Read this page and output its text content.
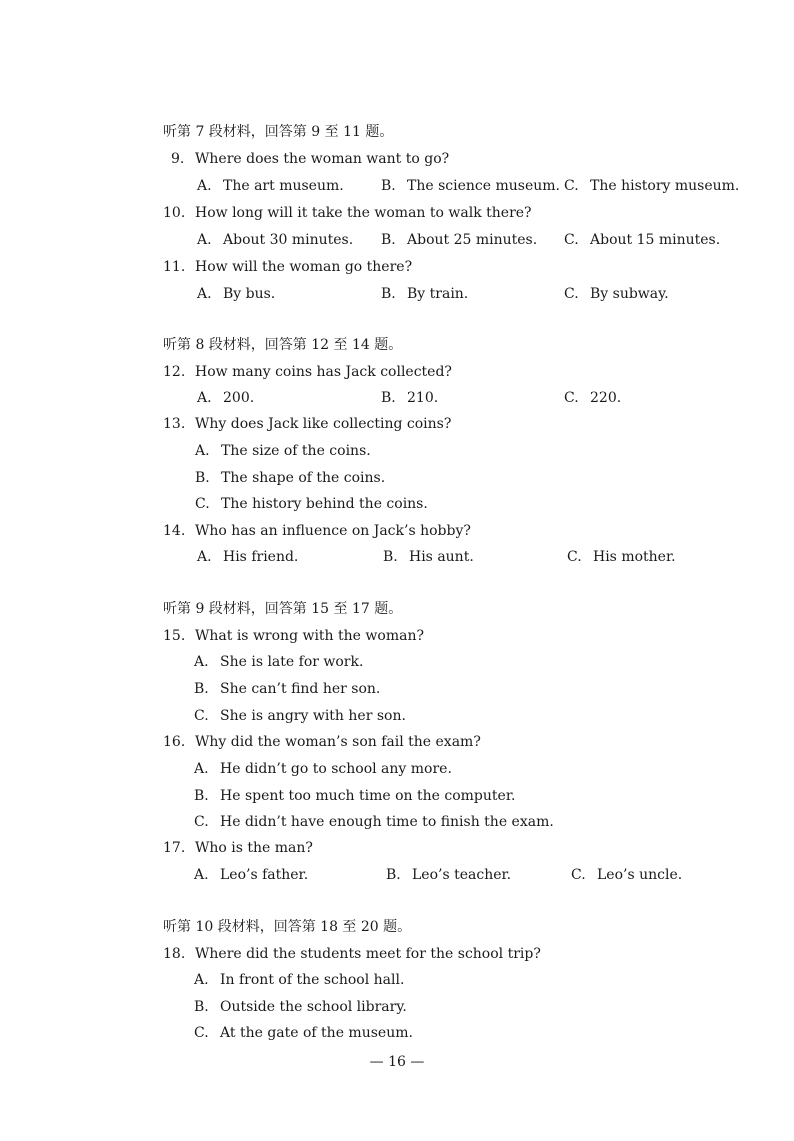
听第 7 段材料，回答第 9 至 11 题。
9. Where does the woman want to go?
A. The art museum.	B. The science museum. C. The history museum.
10. How long will it take the woman to walk there?
A. About 30 minutes. B. About 25 minutes. C. About 15 minutes.
11. How will the woman go there?
A. By bus.	B. By train.	C. By subway.
听第 8 段材料，回答第 12 至 14 题。
12. How many coins has Jack collected?
A. 200.	B. 210.	C. 220.
13. Why does Jack like collecting coins?
A. The size of the coins.
B. The shape of the coins.
C. The history behind the coins.
14. Who has an influence on Jack’s hobby?
A. His friend.	B. His aunt.	C. His mother.
听第 9 段材料，回答第 15 至 17 题。
15. What is wrong with the woman?
A. She is late for work.
B. She can’t find her son.
C. She is angry with her son.
16. Why did the woman’s son fail the exam?
A. He didn’t go to school any more.
B. He spent too much time on the computer.
C. He didn’t have enough time to finish the exam.
17. Who is the man?
A. Leo’s father.	B. Leo’s teacher.	C. Leo’s uncle.
听第 10 段材料，回答第 18 至 20 题。
18. Where did the students meet for the school trip?
A. In front of the school hall.
B. Outside the school library.
C. At the gate of the museum.
— 16 —
